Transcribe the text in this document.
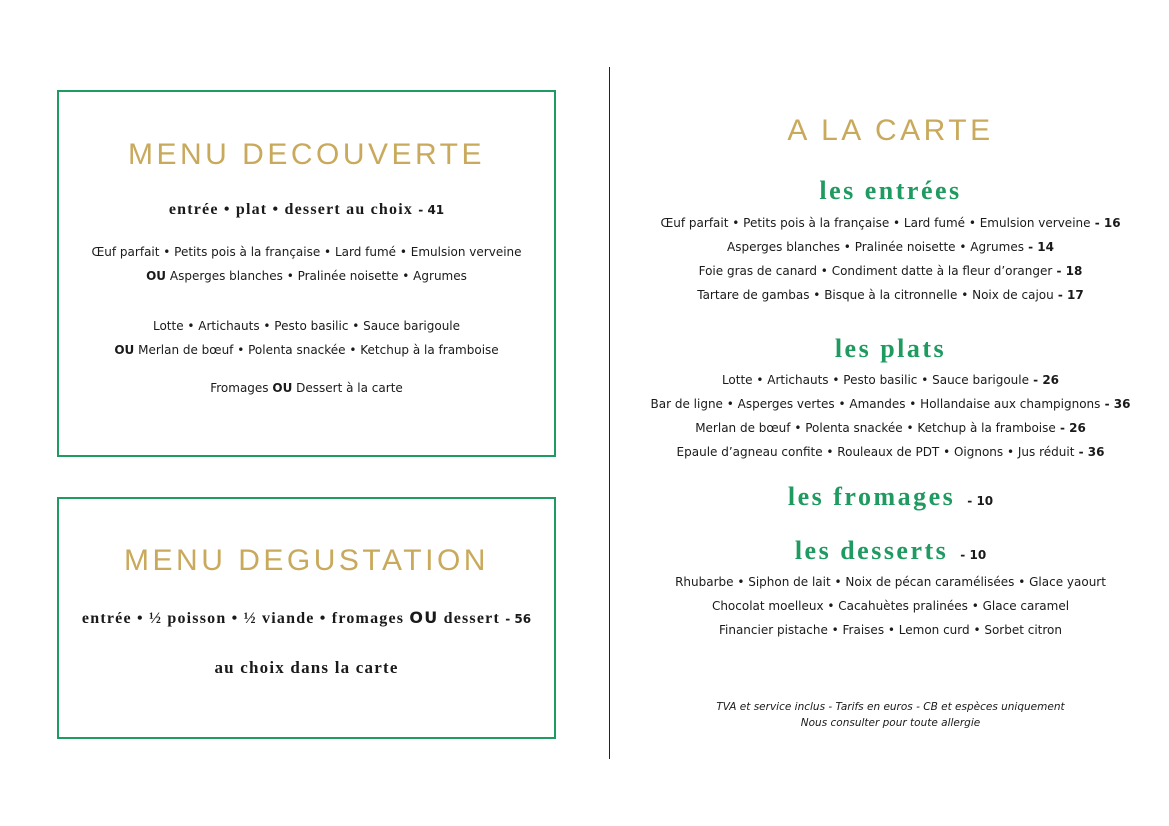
MENU DECOUVERTE
entrée • plat • dessert au choix - 41
Œuf parfait • Petits pois à la française • Lard fumé • Emulsion verveine
OU Asperges blanches • Pralinée noisette • Agrumes
Lotte • Artichauts • Pesto basilic • Sauce barigoule
OU Merlan de bœuf • Polenta snackée • Ketchup à la framboise
Fromages OU Dessert à la carte
MENU DEGUSTATION
entrée • ½ poisson • ½ viande • fromages OU dessert - 56
au choix dans la carte
A LA CARTE
les entrées
Œuf parfait • Petits pois à la française • Lard fumé • Emulsion verveine - 16
Asperges blanches • Pralinée noisette • Agrumes - 14
Foie gras de canard • Condiment datte à la fleur d’oranger - 18
Tartare de gambas • Bisque à la citronnelle • Noix de cajou - 17
les plats
Lotte • Artichauts • Pesto basilic • Sauce barigoule - 26
Bar de ligne • Asperges vertes • Amandes • Hollandaise aux champignons - 36
Merlan de bœuf • Polenta snackée • Ketchup à la framboise - 26
Epaule d’agneau confite • Rouleaux de PDT • Oignons • Jus réduit - 36
les fromages - 10
les desserts - 10
Rhubarbe • Siphon de lait • Noix de pécan caramélisées • Glace yaourt
Chocolat moelleux • Cacahuètes pralinées • Glace caramel
Financier pistache • Fraises • Lemon curd • Sorbet citron
TVA et service inclus - Tarifs en euros - CB et espèces uniquement
Nous consulter pour toute allergie
